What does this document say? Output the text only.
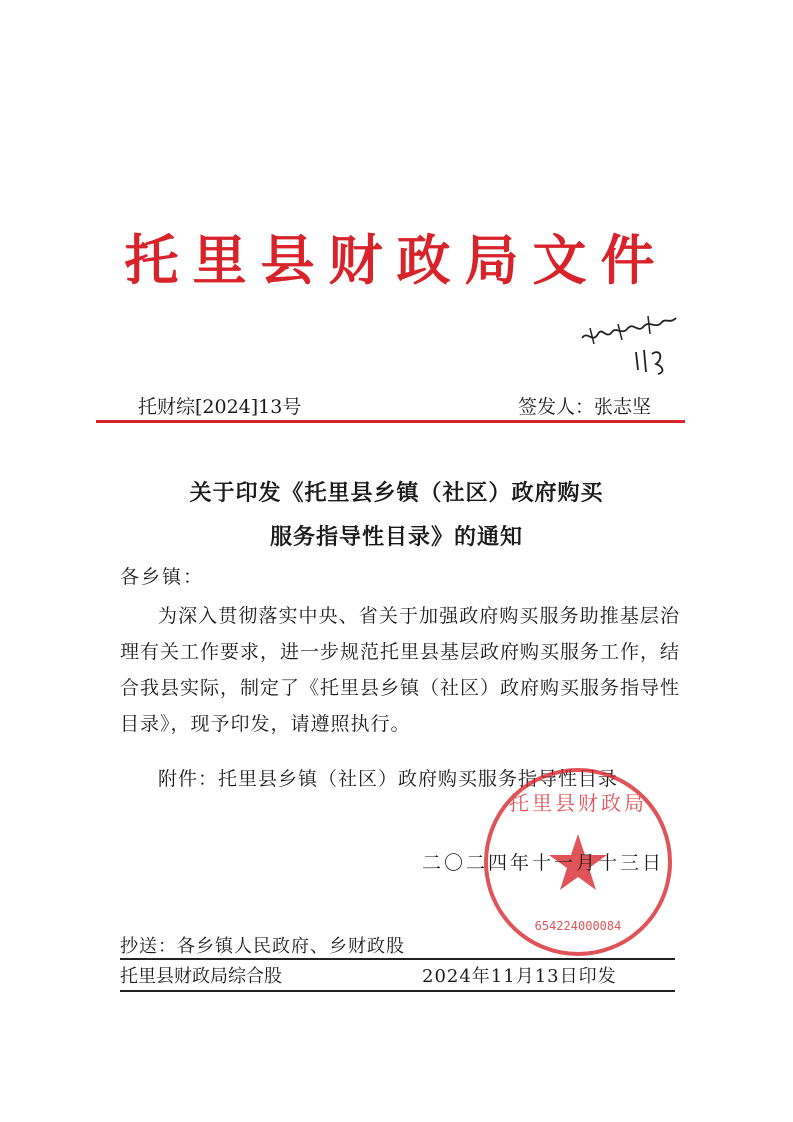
托里县财政局文件
托财综[2024]13号	签发人：张志坚
关于印发《托里县乡镇（社区）政府购买
服务指导性目录》的通知
各乡镇：
为深入贯彻落实中央、省关于加强政府购买服务助推基层治理有关工作要求，进一步规范托里县基层政府购买服务工作，结合我县实际，制定了《托里县乡镇（社区）政府购买服务指导性目录》，现予印发，请遵照执行。
附件：托里县乡镇（社区）政府购买服务指导性目录
托里县财政局
654224000084
二〇二四年十一月十三日
抄送：各乡镇人民政府、乡财政股
托里县财政局综合股	2024年11月13日印发
